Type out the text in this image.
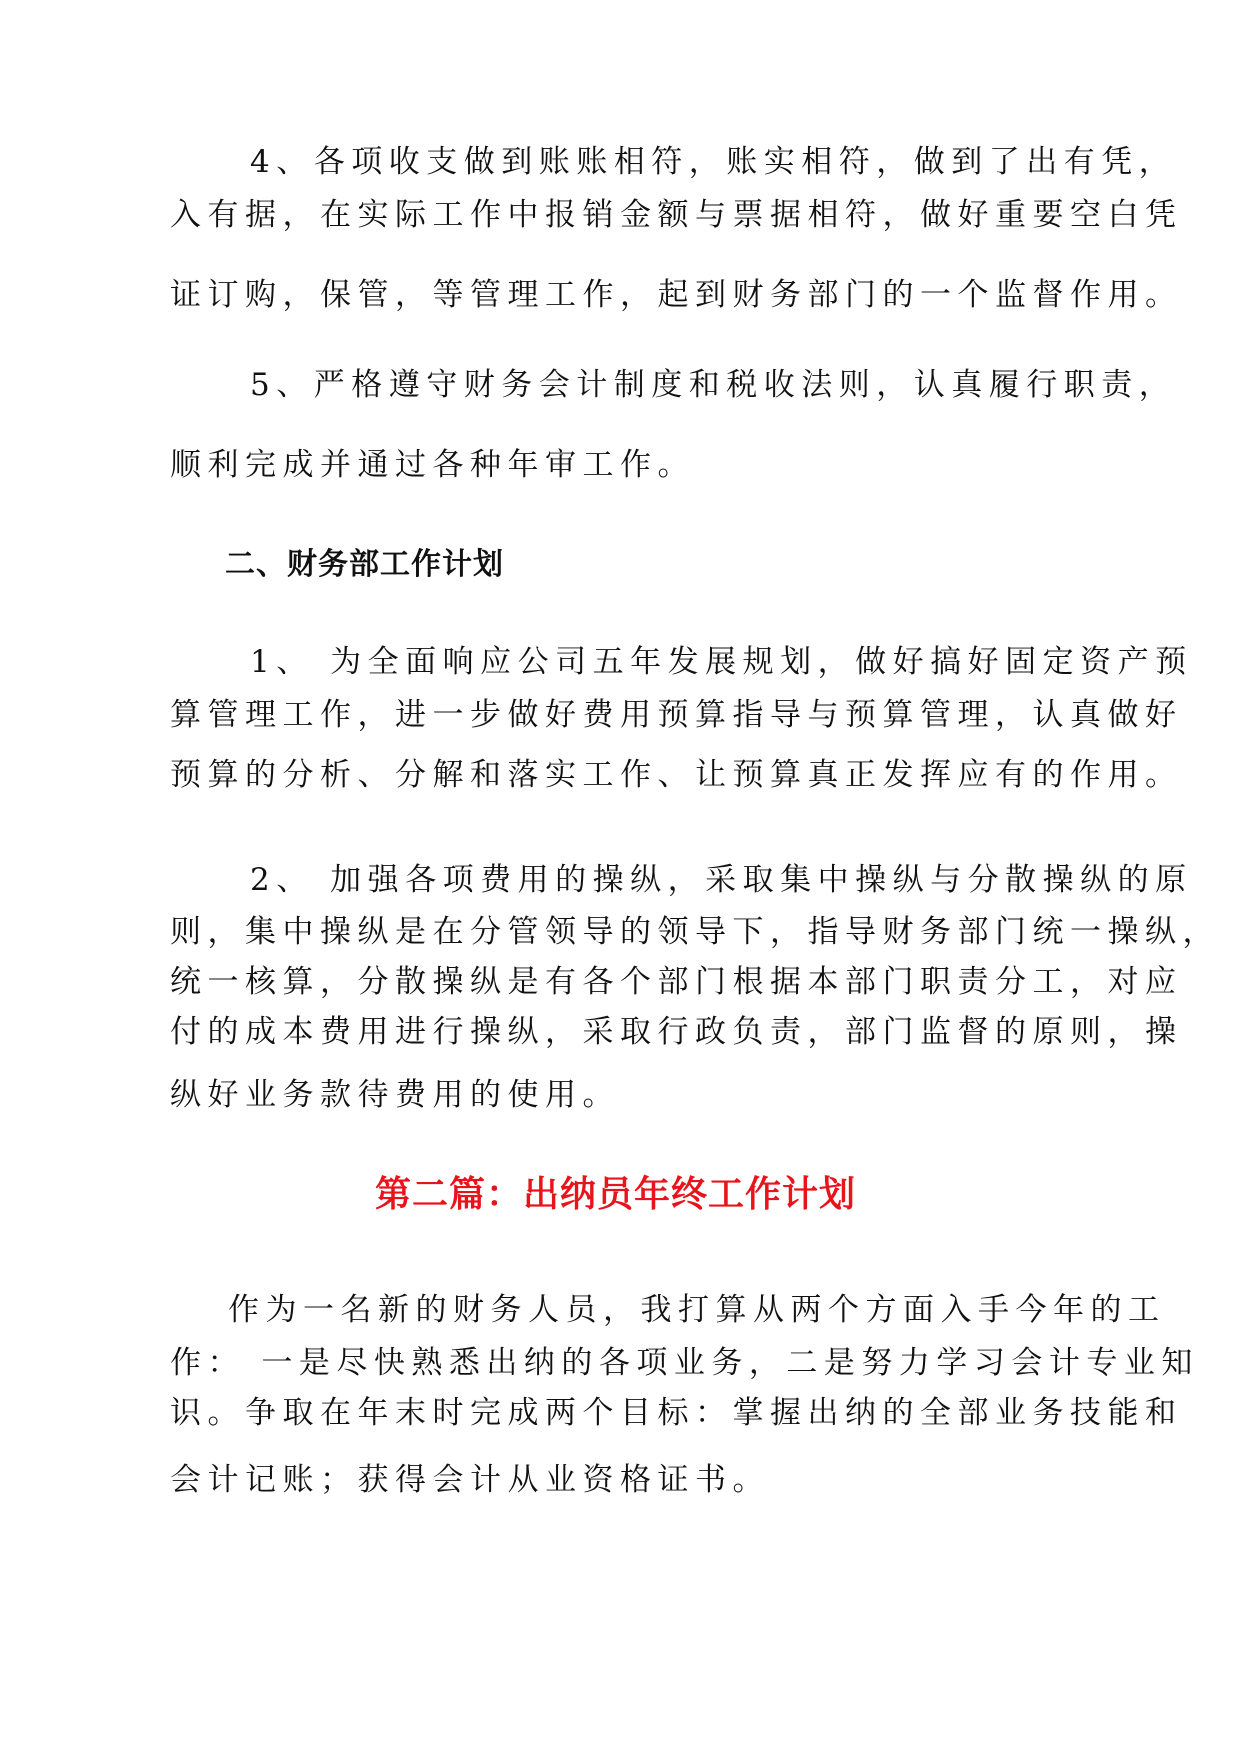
4、各项收支做到账账相符，账实相符，做到了出有凭，
入有据，在实际工作中报销金额与票据相符，做好重要空白凭
证订购，保管，等管理工作，起到财务部门的一个监督作用。
5、严格遵守财务会计制度和税收法则，认真履行职责，
顺利完成并通过各种年审工作。
二、财务部工作计划
1、 为全面响应公司五年发展规划，做好搞好固定资产预
算管理工作，进一步做好费用预算指导与预算管理，认真做好
预算的分析、分解和落实工作、让预算真正发挥应有的作用。
2、 加强各项费用的操纵，采取集中操纵与分散操纵的原
则，集中操纵是在分管领导的领导下，指导财务部门统一操纵，
统一核算，分散操纵是有各个部门根据本部门职责分工，对应
付的成本费用进行操纵，采取行政负责，部门监督的原则，操
纵好业务款待费用的使用。
第二篇：出纳员年终工作计划
作为一名新的财务人员，我打算从两个方面入手今年的工
作： 一是尽快熟悉出纳的各项业务，二是努力学习会计专业知
识。争取在年末时完成两个目标：掌握出纳的全部业务技能和
会计记账；获得会计从业资格证书。
